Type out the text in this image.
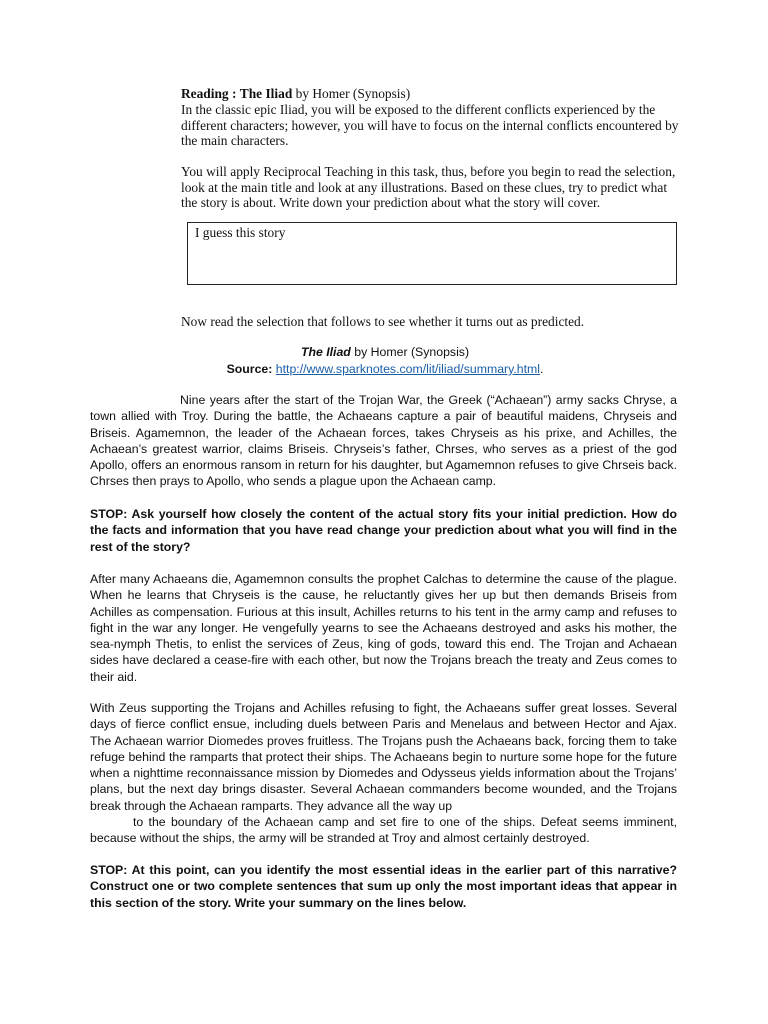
Reading : The Iliad by Homer (Synopsis)
In the classic epic Iliad, you will be exposed to the different conflicts experienced by the different characters; however, you will have to focus on the internal conflicts encountered by the main characters.
You will apply Reciprocal Teaching in this task, thus, before you begin to read the selection, look at the main title and look at any illustrations. Based on these clues, try to predict what the story is about. Write down your prediction about what the story will cover.
I guess this story
Now read the selection that follows to see whether it turns out as predicted.
The Iliad by Homer (Synopsis)
Source: http://www.sparknotes.com/lit/iliad/summary.html.
Nine years after the start of the Trojan War, the Greek (“Achaean”) army sacks Chryse, a town allied with Troy. During the battle, the Achaeans capture a pair of beautiful maidens, Chryseis and Briseis. Agamemnon, the leader of the Achaean forces, takes Chryseis as his prixe, and Achilles, the Achaean’s greatest warrior, claims Briseis. Chryseis’s father, Chrses, who serves as a priest of the god Apollo, offers an enormous ransom in return for his daughter, but Agamemnon refuses to give Chrseis back. Chrses then prays to Apollo, who sends a plague upon the Achaean camp.
STOP: Ask yourself how closely the content of the actual story fits your initial prediction. How do the facts and information that you have read change your prediction about what you will find in the rest of the story?
After many Achaeans die, Agamemnon consults the prophet Calchas to determine the cause of the plague. When he learns that Chryseis is the cause, he reluctantly gives her up but then demands Briseis from Achilles as compensation. Furious at this insult, Achilles returns to his tent in the army camp and refuses to fight in the war any longer. He vengefully yearns to see the Achaeans destroyed and asks his mother, the sea-nymph Thetis, to enlist the services of Zeus, king of gods, toward this end. The Trojan and Achaean sides have declared a cease-fire with each other, but now the Trojans breach the treaty and Zeus comes to their aid.
With Zeus supporting the Trojans and Achilles refusing to fight, the Achaeans suffer great losses. Several days of fierce conflict ensue, including duels between Paris and Menelaus and between Hector and Ajax. The Achaean warrior Diomedes proves fruitless. The Trojans push the Achaeans back, forcing them to take refuge behind the ramparts that protect their ships. The Achaeans begin to nurture some hope for the future when a nighttime reconnaissance mission by Diomedes and Odysseus yields information about the Trojans’ plans, but the next day brings disaster. Several Achaean commanders become wounded, and the Trojans break through the Achaean ramparts. They advance all the way up
to the boundary of the Achaean camp and set fire to one of the ships. Defeat seems imminent, because without the ships, the army will be stranded at Troy and almost certainly destroyed.
STOP: At this point, can you identify the most essential ideas in the earlier part of this narrative? Construct one or two complete sentences that sum up only the most important ideas that appear in this section of the story. Write your summary on the lines below.
